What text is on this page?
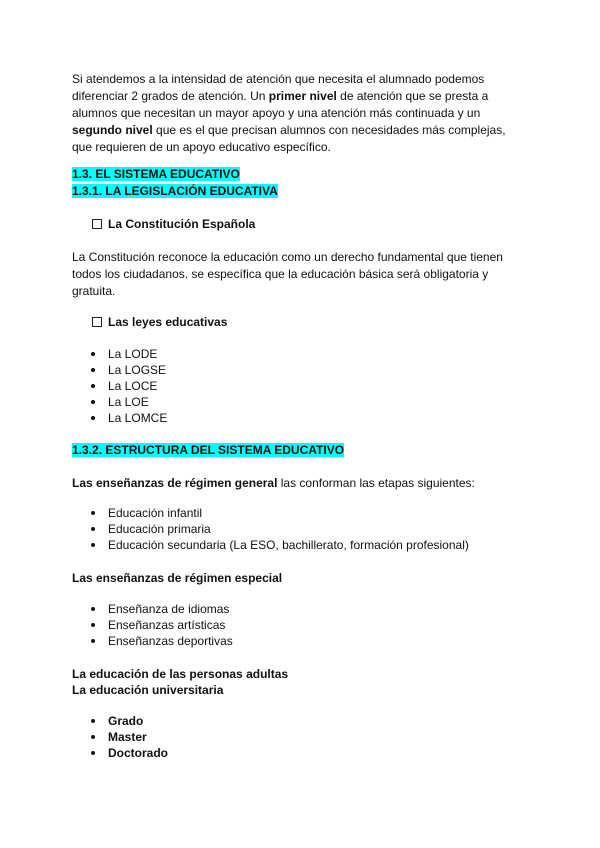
Si atendemos a la intensidad de atención que necesita el alumnado podemos

diferenciar 2 grados de atención. Un primer nivel de atención que se presta a

alumnos que necesitan un mayor apoyo y una atención más continuada y un

segundo nivel que es el que precisan alumnos con necesidades más complejas,

que requieren de un apoyo educativo específico.

1.3. EL SISTEMA EDUCATIVO
1.3.1. LA LEGISLACIÓN EDUCATIVA
La Constitución Española
La Constitución reconoce la educación como un derecho fundamental que tienen
todos los ciudadanos. se específica que la educación básica será obligatoria y
gratuita.
Las leyes educativas
La LODE
La LOGSE
La LOCE
La LOE
La LOMCE
1.3.2. ESTRUCTURA DEL SISTEMA EDUCATIVO
Las enseñanzas de régimen general las conforman las etapas siguientes:
Educación infantil
Educación primaria
Educación secundaria (La ESO, bachillerato, formación profesional)
Las enseñanzas de régimen especial
Enseñanza de idiomas
Enseñanzas artísticas
Enseñanzas deportivas
La educación de las personas adultas
La educación universitaria
Grado
Master
Doctorado
